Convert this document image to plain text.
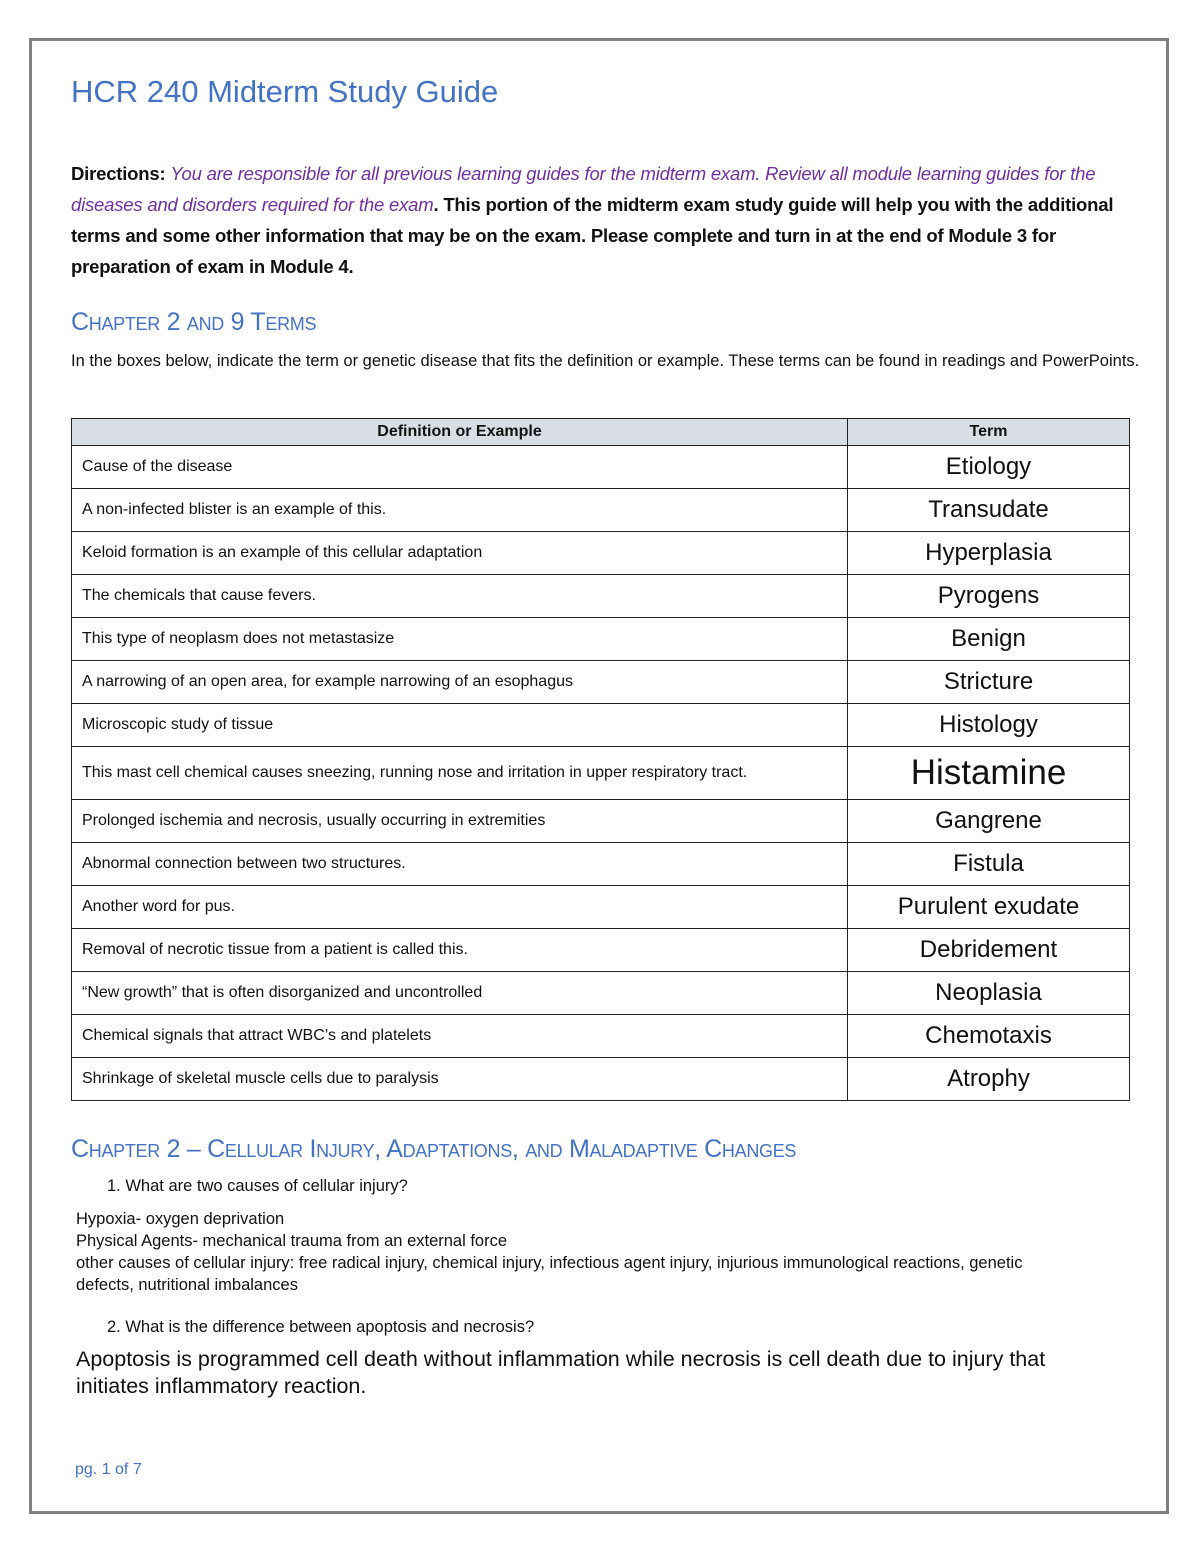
HCR 240 Midterm Study Guide
Directions: You are responsible for all previous learning guides for the midterm exam. Review all module learning guides for the diseases and disorders required for the exam. This portion of the midterm exam study guide will help you with the additional terms and some other information that may be on the exam. Please complete and turn in at the end of Module 3 for preparation of exam in Module 4.
Chapter 2 and 9 Terms
In the boxes below, indicate the term or genetic disease that fits the definition or example. These terms can be found in readings and PowerPoints.
Definition or Example	Term
Cause of the disease	Etiology
A non-infected blister is an example of this.	Transudate
Keloid formation is an example of this cellular adaptation	Hyperplasia
The chemicals that cause fevers.	Pyrogens
This type of neoplasm does not metastasize	Benign
A narrowing of an open area, for example narrowing of an esophagus	Stricture
Microscopic study of tissue	Histology
This mast cell chemical causes sneezing, running nose and irritation in upper respiratory tract.	Histamine
Prolonged ischemia and necrosis, usually occurring in extremities	Gangrene
Abnormal connection between two structures.	Fistula
Another word for pus.	Purulent exudate
Removal of necrotic tissue from a patient is called this.	Debridement
“New growth” that is often disorganized and uncontrolled	Neoplasia
Chemical signals that attract WBC’s and platelets	Chemotaxis
Shrinkage of skeletal muscle cells due to paralysis	Atrophy
Chapter 2 – Cellular Injury, Adaptations, and Maladaptive Changes
1. What are two causes of cellular injury?
Hypoxia- oxygen deprivation
Physical Agents- mechanical trauma from an external force
other causes of cellular injury: free radical injury, chemical injury, infectious agent injury, injurious immunological reactions, genetic defects, nutritional imbalances
2. What is the difference between apoptosis and necrosis?
Apoptosis is programmed cell death without inflammation while necrosis is cell death due to injury that initiates inflammatory reaction.
pg. 1 of 7
